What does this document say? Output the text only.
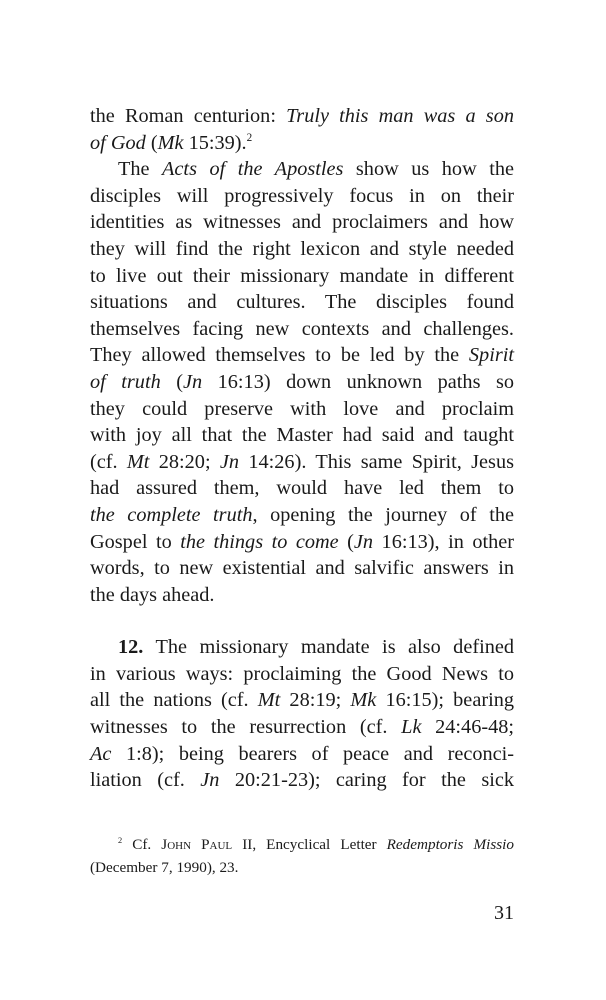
the Roman centurion: Truly this man was a son
of God (Mk 15:39).$^2$
The Acts of the Apostles show us how the
disciples will progressively focus in on their
identities as witnesses and proclaimers and how
they will find the right lexicon and style needed
to live out their missionary mandate in different
situations and cultures. The disciples found
themselves facing new contexts and challenges.
They allowed themselves to be led by the Spirit
of truth (Jn 16:13) down unknown paths so
they could preserve with love and proclaim
with joy all that the Master had said and taught
(cf. Mt 28:20; Jn 14:26). This same Spirit, Jesus
had assured them, would have led them to
the complete truth, opening the journey of the
Gospel to the things to come (Jn 16:13), in other
words, to new existential and salvific answers in
the days ahead.
12. The missionary mandate is also defined
in various ways: proclaiming the Good News to
all the nations (cf. Mt 28:19; Mk 16:15); bearing
witnesses to the resurrection (cf. Lk 24:46-48;
Ac 1:8); being bearers of peace and reconci-
liation (cf. Jn 20:21-23); caring for the sick
$^2$ Cf. John Paul II, Encyclical Letter Redemptoris Missio
(December 7, 1990), 23.
31
